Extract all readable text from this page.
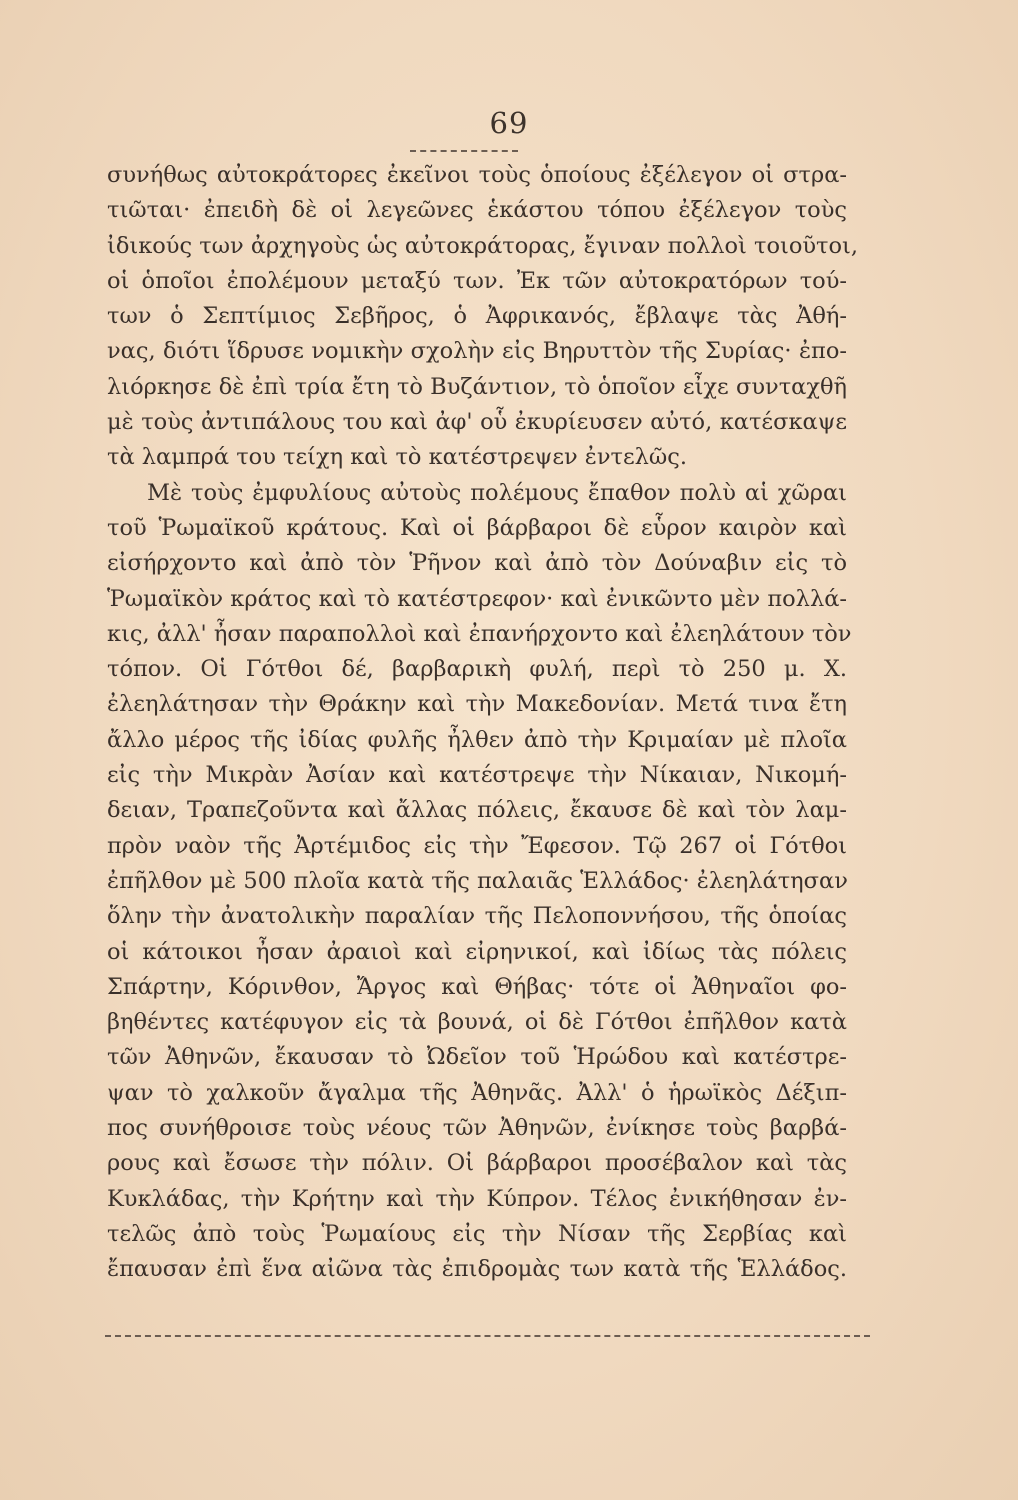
69
συνήθως αὐτοκράτορες ἐκεῖνοι τοὺς ὁποίους ἐξέλεγον οἱ στρα-
τιῶται· ἐπειδὴ δὲ οἱ λεγεῶνες ἑκάστου τόπου ἐξέλεγον τοὺς
ἰδικούς των ἀρχηγοὺς ὡς αὐτοκράτορας, ἔγιναν πολλοὶ τοιοῦτοι,
οἱ ὁποῖοι ἐπολέμουν μεταξύ των. Ἐκ τῶν αὐτοκρατόρων τού-
των ὁ Σεπτίμιος Σεβῆρος, ὁ Ἀφρικανός, ἔβλαψε τὰς Ἀθή-
νας, διότι ἵδρυσε νομικὴν σχολὴν εἰς Βηρυττὸν τῆς Συρίας· ἐπο-
λιόρκησε δὲ ἐπὶ τρία ἔτη τὸ Βυζάντιον, τὸ ὁποῖον εἶχε συνταχθῆ
μὲ τοὺς ἀντιπάλους του καὶ ἀφ' οὗ ἐκυρίευσεν αὐτό, κατέσκαψε
τὰ λαμπρά του τείχη καὶ τὸ κατέστρεψεν ἐντελῶς.
Μὲ τοὺς ἐμφυλίους αὐτοὺς πολέμους ἔπαθον πολὺ αἱ χῶραι
τοῦ Ῥωμαϊκοῦ κράτους. Καὶ οἱ βάρβαροι δὲ εὗρον καιρὸν καὶ
εἰσήρχοντο καὶ ἀπὸ τὸν Ῥῆνον καὶ ἀπὸ τὸν Δούναβιν εἰς τὸ
Ῥωμαϊκὸν κράτος καὶ τὸ κατέστρεφον· καὶ ἐνικῶντο μὲν πολλά-
κις, ἀλλ' ἦσαν παραπολλοὶ καὶ ἐπανήρχοντο καὶ ἐλεηλάτουν τὸν
τόπον. Οἱ Γότθοι δέ, βαρβαρικὴ φυλή, περὶ τὸ 250 μ. Χ.
ἐλεηλάτησαν τὴν Θράκην καὶ τὴν Μακεδονίαν. Μετά τινα ἔτη
ἄλλο μέρος τῆς ἰδίας φυλῆς ἦλθεν ἀπὸ τὴν Κριμαίαν μὲ πλοῖα
εἰς τὴν Μικρὰν Ἀσίαν καὶ κατέστρεψε τὴν Νίκαιαν, Νικομή-
δειαν, Τραπεζοῦντα καὶ ἄλλας πόλεις, ἔκαυσε δὲ καὶ τὸν λαμ-
πρὸν ναὸν τῆς Ἀρτέμιδος εἰς τὴν Ἔφεσον. Τῷ 267 οἱ Γότθοι
ἐπῆλθον μὲ 500 πλοῖα κατὰ τῆς παλαιᾶς Ἑλλάδος· ἐλεηλάτησαν
ὅλην τὴν ἀνατολικὴν παραλίαν τῆς Πελοποννήσου, τῆς ὁποίας
οἱ κάτοικοι ἦσαν ἀραιοὶ καὶ εἰρηνικοί, καὶ ἰδίως τὰς πόλεις
Σπάρτην, Κόρινθον, Ἄργος καὶ Θήβας· τότε οἱ Ἀθηναῖοι φο-
βηθέντες κατέφυγον εἰς τὰ βουνά, οἱ δὲ Γότθοι ἐπῆλθον κατὰ
τῶν Ἀθηνῶν, ἔκαυσαν τὸ Ὠδεῖον τοῦ Ἡρώδου καὶ κατέστρε-
ψαν τὸ χαλκοῦν ἄγαλμα τῆς Ἀθηνᾶς. Ἀλλ' ὁ ἡρωϊκὸς Δέξιπ-
πος συνήθροισε τοὺς νέους τῶν Ἀθηνῶν, ἐνίκησε τοὺς βαρβά-
ρους καὶ ἔσωσε τὴν πόλιν. Οἱ βάρβαροι προσέβαλον καὶ τὰς
Κυκλάδας, τὴν Κρήτην καὶ τὴν Κύπρον. Τέλος ἐνικήθησαν ἐν-
τελῶς ἀπὸ τοὺς Ῥωμαίους εἰς τὴν Νίσαν τῆς Σερβίας καὶ
ἔπαυσαν ἐπὶ ἕνα αἰῶνα τὰς ἐπιδρομὰς των κατὰ τῆς Ἑλλάδος.
